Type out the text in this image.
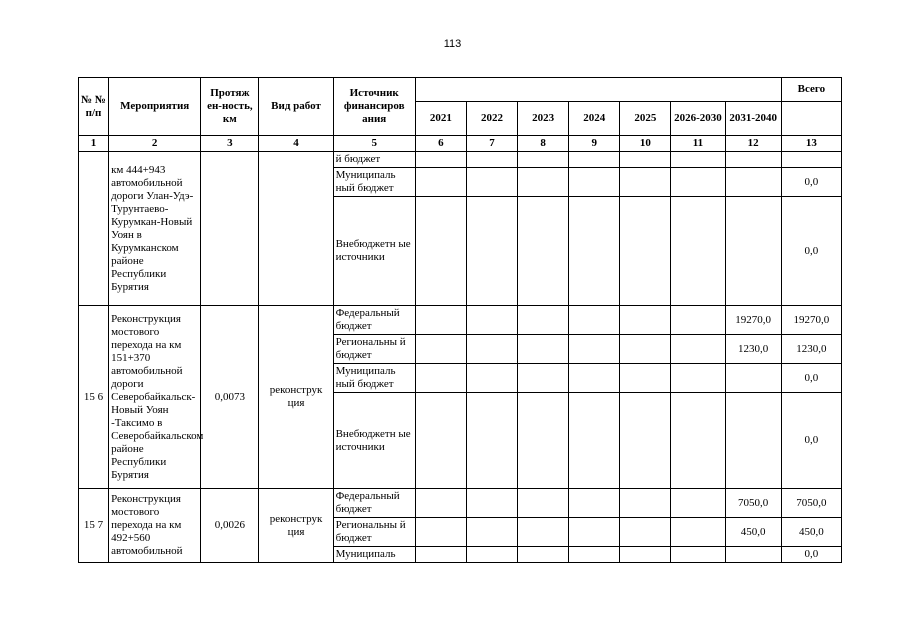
113
№ № п/п	Мероприятия	Протяж ен-ность, км	Вид работ	Источник финансиров ания								Всего
					2021	2022	2023	2024	2025	2026-2030	2031-2040	
1	2	3	4	5	6	7	8	9	10	11	12	13
	км 444+943 автомобильной дороги Улан-Удэ-Турунтаево-Курумкан-Новый Уоян в Курумканском районе Республики Бурятия			й бюджет								
				Муниципаль ный бюджет								0,0
				Внебюджетн ые источники								0,0
15 6	Реконструкция мостового перехода на км 151+370 автомобильной дороги Северобайкальск-Новый Уоян -Таксимо в Северобайкальском районе Республики Бурятия	0,0073	реконструк ция	Федеральный бюджет							19270,0	19270,0
				Региональны й бюджет							1230,0	1230,0
				Муниципаль ный бюджет								0,0
				Внебюджетн ые источники								0,0
15 7	Реконструкция мостового перехода на км 492+560 автомобильной	0,0026	реконструк ция	Федеральный бюджет							7050,0	7050,0
				Региональны й бюджет							450,0	450,0
				Муниципаль								0,0
